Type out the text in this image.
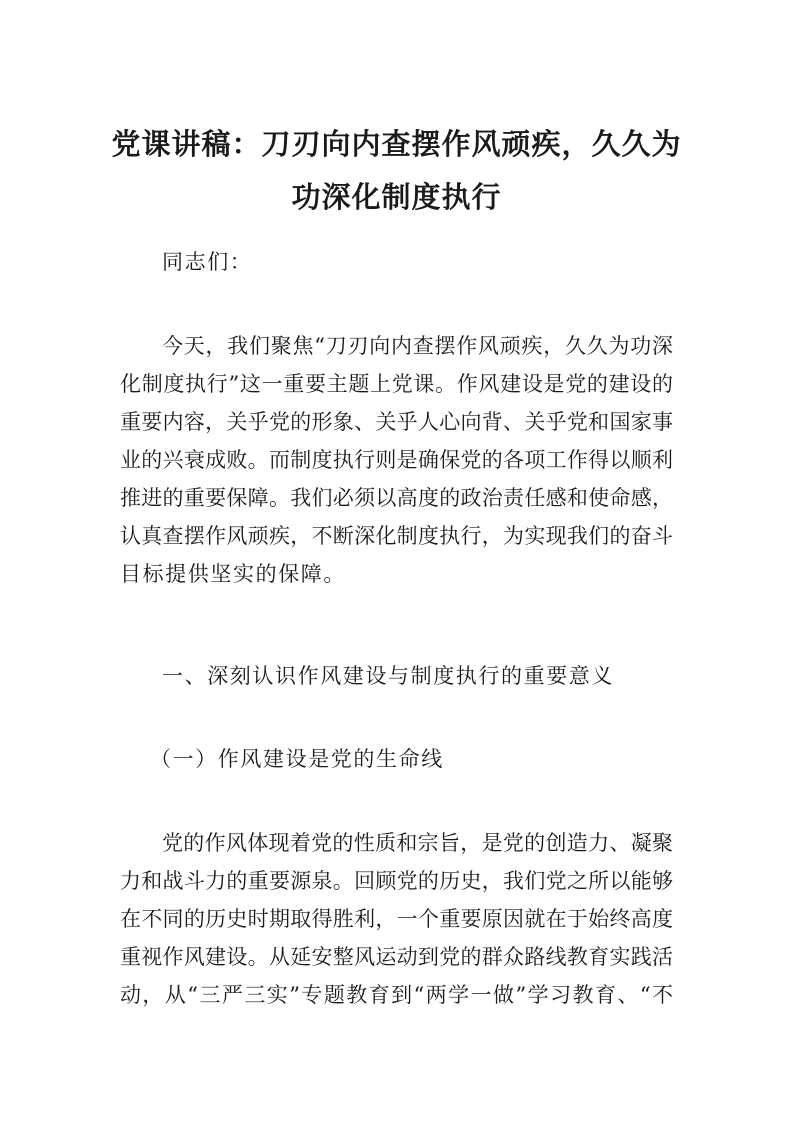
党课讲稿：刀刃向内查摆作风顽疾，久久为
功深化制度执行
同志们：
今天，我们聚焦“刀刃向内查摆作风顽疾，久久为功深
化制度执行”这一重要主题上党课。作风建设是党的建设的
重要内容，关乎党的形象、关乎人心向背、关乎党和国家事
业的兴衰成败。而制度执行则是确保党的各项工作得以顺利
推进的重要保障。我们必须以高度的政治责任感和使命感，
认真查摆作风顽疾，不断深化制度执行，为实现我们的奋斗
目标提供坚实的保障。
一、深刻认识作风建设与制度执行的重要意义
（一）作风建设是党的生命线
党的作风体现着党的性质和宗旨，是党的创造力、凝聚
力和战斗力的重要源泉。回顾党的历史，我们党之所以能够
在不同的历史时期取得胜利，一个重要原因就在于始终高度
重视作风建设。从延安整风运动到党的群众路线教育实践活
动，从“三严三实”专题教育到“两学一做”学习教育、“不
